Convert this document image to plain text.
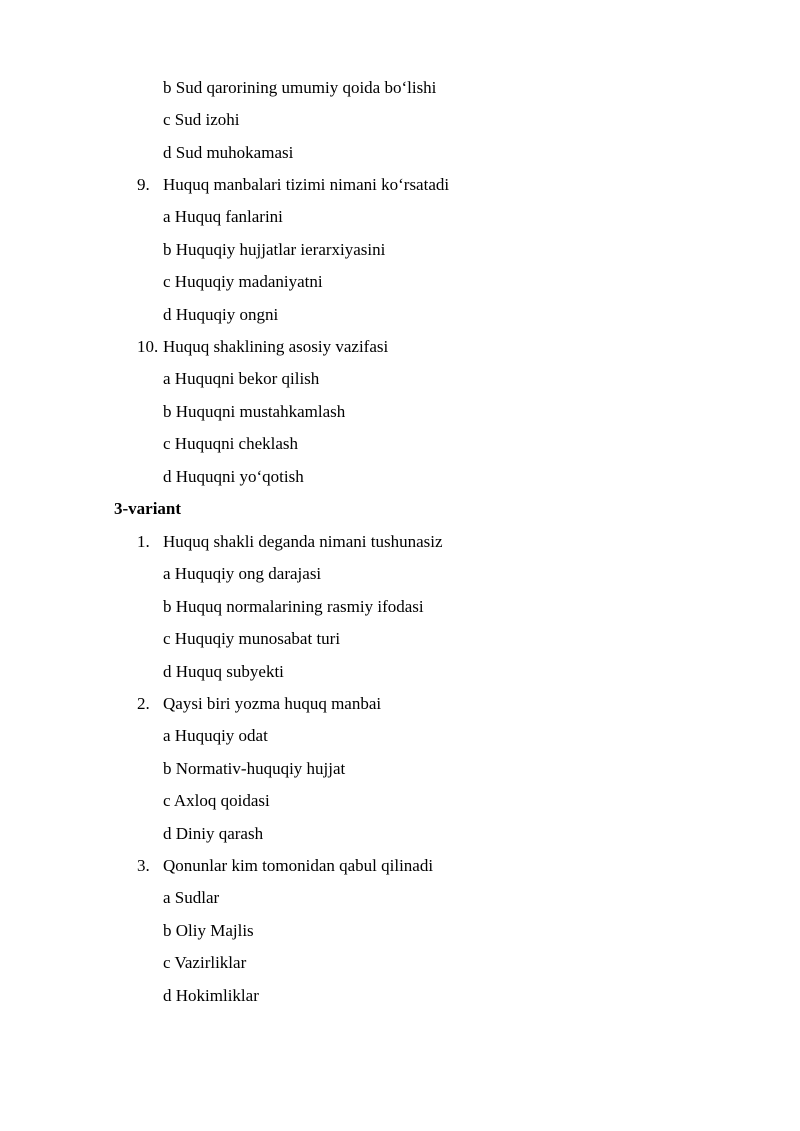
b Sud qarorining umumiy qoida bo‘lishi
c Sud izohi
d Sud muhokamasi
9. Huquq manbalari tizimi nimani ko‘rsatadi
a Huquq fanlarini
b Huquqiy hujjatlar ierarxiyasini
c Huquqiy madaniyatni
d Huquqiy ongni
10. Huquq shaklining asosiy vazifasi
a Huquqni bekor qilish
b Huquqni mustahkamlash
c Huquqni cheklash
d Huquqni yo‘qotish
3-variant
1. Huquq shakli deganda nimani tushunasiz
a Huquqiy ong darajasi
b Huquq normalarining rasmiy ifodasi
c Huquqiy munosabat turi
d Huquq subyekti
2. Qaysi biri yozma huquq manbai
a Huquqiy odat
b Normativ-huquqiy hujjat
c Axloq qoidasi
d Diniy qarash
3. Qonunlar kim tomonidan qabul qilinadi
a Sudlar
b Oliy Majlis
c Vazirliklar
d Hokimliklar
